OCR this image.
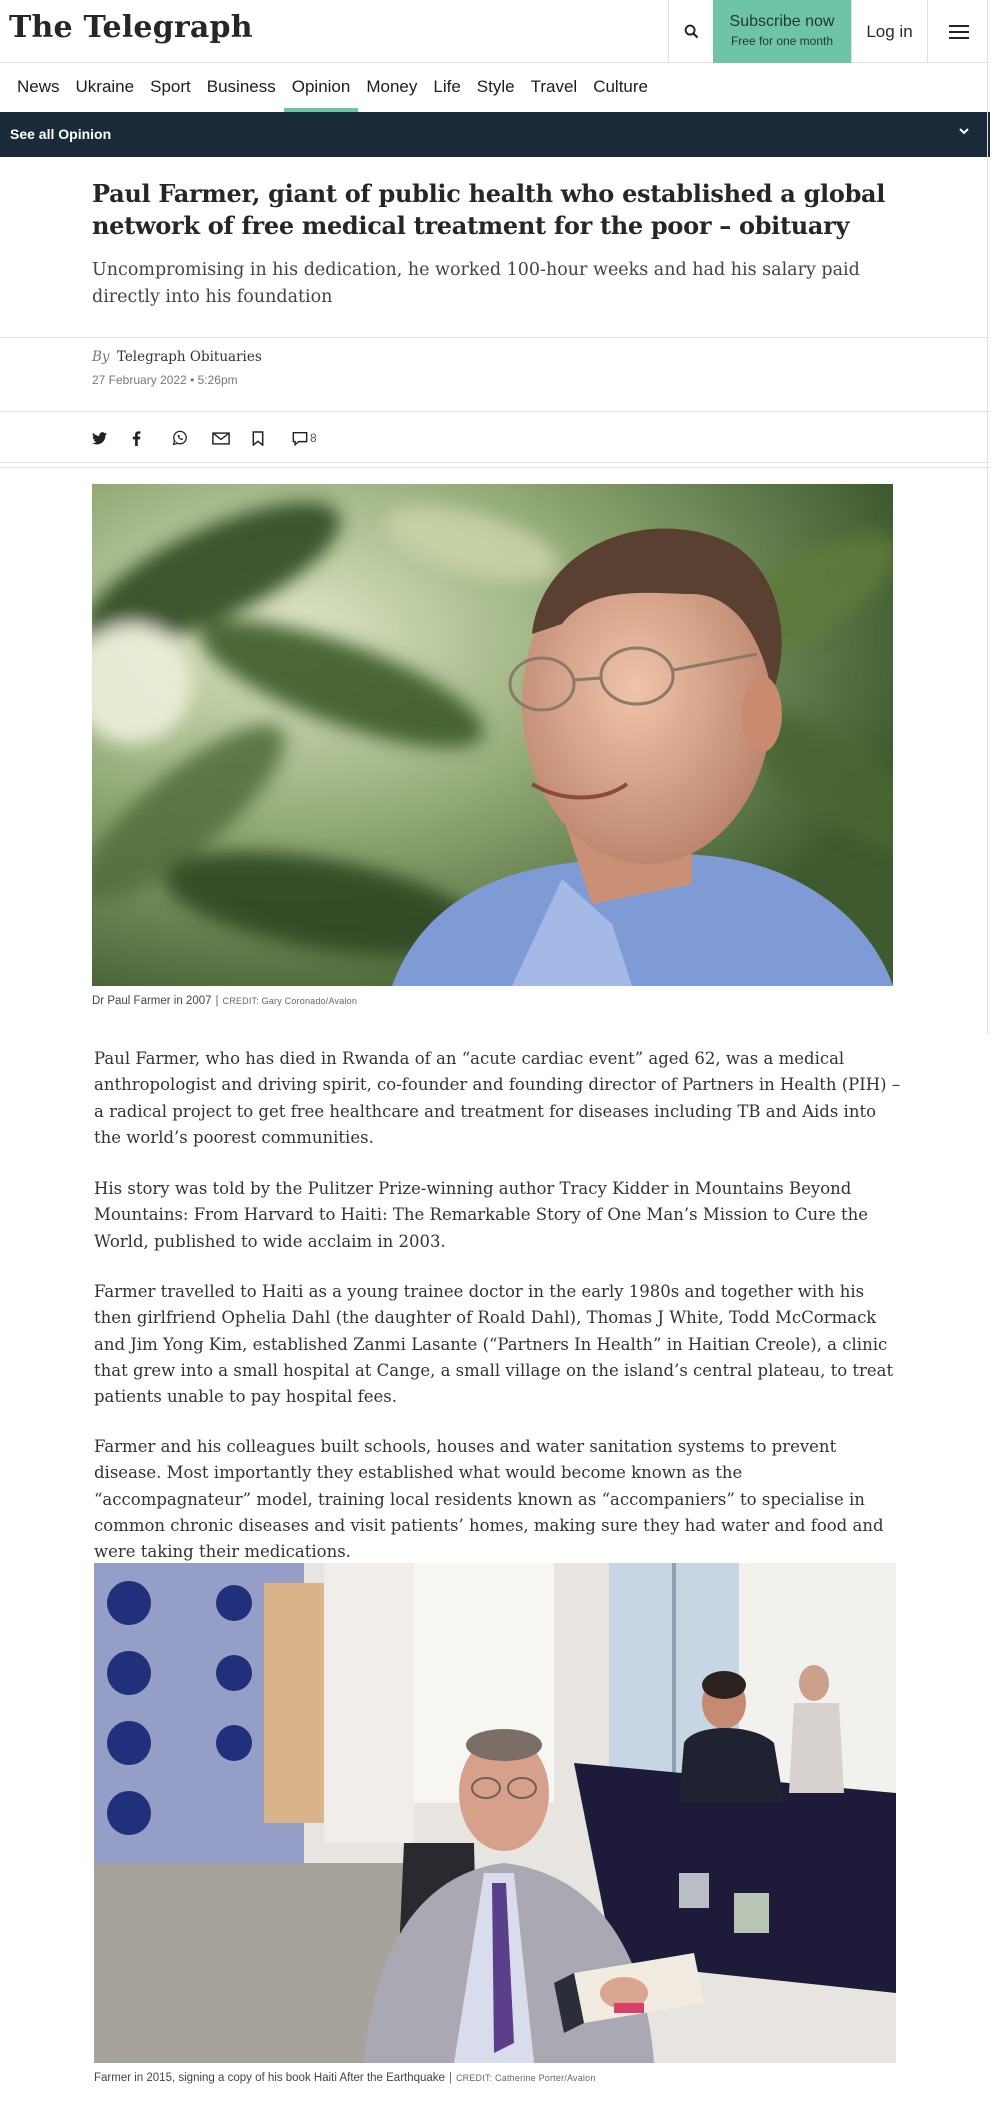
The Telegraph	Subscribe now
Free for one month
Log in
News Ukraine Sport Business Opinion Money Life Style Travel Culture
See all Opinion
Paul Farmer, giant of public health who established a global network of free medical treatment for the poor – obituary

Uncompromising in his dedication, he worked 100-hour weeks and had his salary paid directly into his foundation

By Telegraph Obituaries
27 February 2022 • 5:26pm
8
Dr Paul Farmer in 2007 | CREDIT: Gary Coronado/Avalon

Paul Farmer, who has died in Rwanda of an “acute cardiac event” aged 62, was a medical anthropologist and driving spirit, co-founder and founding director of Partners in Health (PIH) – a radical project to get free healthcare and treatment for diseases including TB and Aids into the world’s poorest communities.

His story was told by the Pulitzer Prize-winning author Tracy Kidder in Mountains Beyond Mountains: From Harvard to Haiti: The Remarkable Story of One Man’s Mission to Cure the World, published to wide acclaim in 2003.

Farmer travelled to Haiti as a young trainee doctor in the early 1980s and together with his then girlfriend Ophelia Dahl (the daughter of Roald Dahl), Thomas J White, Todd McCormack and Jim Yong Kim, established Zanmi Lasante (“Partners In Health” in Haitian Creole), a clinic that grew into a small hospital at Cange, a small village on the island’s central plateau, to treat patients unable to pay hospital fees.

Farmer and his colleagues built schools, houses and water sanitation systems to prevent disease. Most importantly they established what would become known as the “accompagnateur” model, training local residents known as “accompaniers” to specialise in common chronic diseases and visit patients’ homes, making sure they had water and food and were taking their medications.

Farmer in 2015, signing a copy of his book Haiti After the Earthquake | CREDIT: Catherine Porter/Avalon
